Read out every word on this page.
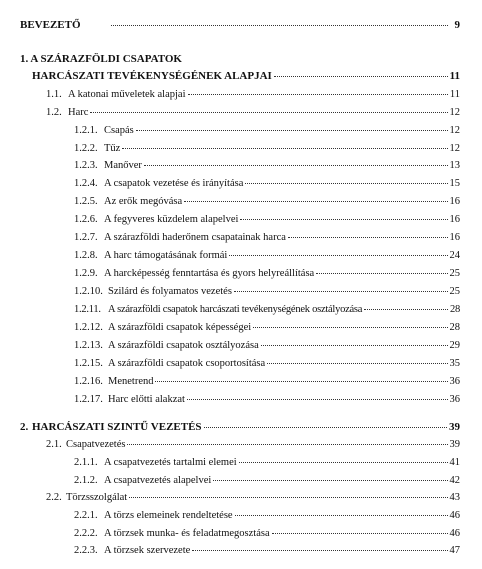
BEVEZETŐ	9
1. A SZÁRAZFÖLDI CSAPATOK
HARCÁSZATI TEVÉKENYSÉGÉNEK ALAPJAI	11
1.1. A katonai műveletek alapjai	11
1.2. Harc	12
1.2.1. Csapás	12
1.2.2. Tűz	12
1.2.3. Manőver	13
1.2.4. A csapatok vezetése és irányítása	15
1.2.5. Az erők megóvása	16
1.2.6. A fegyveres küzdelem alapelvei	16
1.2.7. A szárazföldi haderőnem csapatainak harca	16
1.2.8. A harc támogatásának formái	24
1.2.9. A harcképesség fenntartása és gyors helyreállítása	25
1.2.10. Szilárd és folyamatos vezetés	25
1.2.11. A szárazföldi csapatok harcászati tevékenységének osztályozása	28
1.2.12. A szárazföldi csapatok képességei	28
1.2.13. A szárazföldi csapatok osztályozása	29
1.2.15. A szárazföldi csapatok csoportosítása	35
1.2.16. Menetrend	36
1.2.17. Harc előtti alakzat	36
2. HARCÁSZATI SZINTŰ VEZETÉS	39
2.1. Csapatvezetés	39
2.1.1. A csapatvezetés tartalmi elemei	41
2.1.2. A csapatvezetés alapelvei	42
2.2. Törzsszolgálat	43
2.2.1. A törzs elemeinek rendeltetése	46
2.2.2. A törzsek munka- és feladatmegosztása	46
2.2.3. A törzsek szervezete	47
